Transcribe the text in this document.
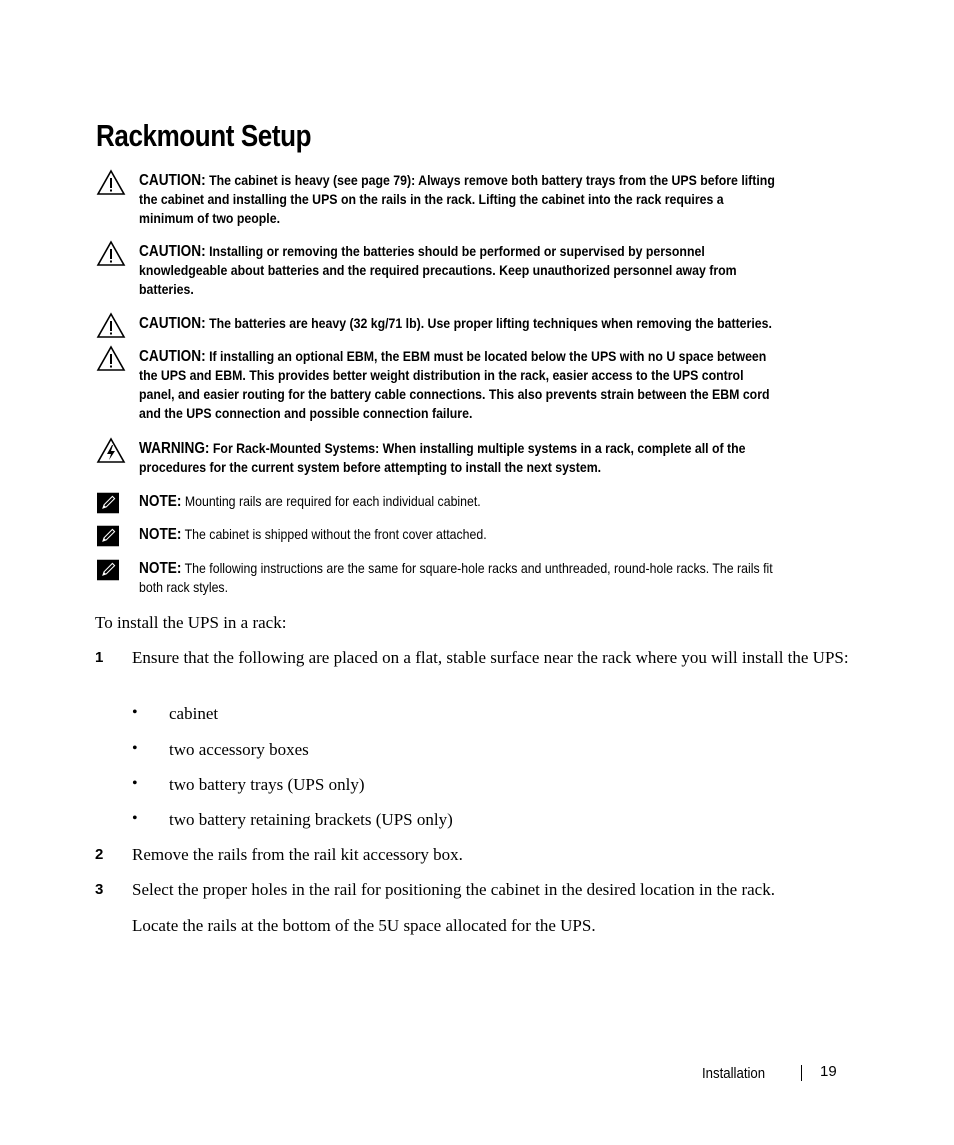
Rackmount Setup
CAUTION: The cabinet is heavy (see page 79): Always remove both battery trays from the UPS before lifting the cabinet and installing the UPS on the rails in the rack. Lifting the cabinet into the rack requires a minimum of two people.
CAUTION: Installing or removing the batteries should be performed or supervised by personnel knowledgeable about batteries and the required precautions. Keep unauthorized personnel away from batteries.
CAUTION: The batteries are heavy (32 kg/71 lb). Use proper lifting techniques when removing the batteries.
CAUTION: If installing an optional EBM, the EBM must be located below the UPS with no U space between the UPS and EBM. This provides better weight distribution in the rack, easier access to the UPS control panel, and easier routing for the battery cable connections. This also prevents strain between the EBM cord and the UPS connection and possible connection failure.
WARNING: For Rack-Mounted Systems: When installing multiple systems in a rack, complete all of the procedures for the current system before attempting to install the next system.
NOTE: Mounting rails are required for each individual cabinet.
NOTE: The cabinet is shipped without the front cover attached.
NOTE: The following instructions are the same for square-hole racks and unthreaded, round-hole racks. The rails fit both rack styles.
To install the UPS in a rack:
1 Ensure that the following are placed on a flat, stable surface near the rack where you will install the UPS:
• cabinet
• two accessory boxes
• two battery trays (UPS only)
• two battery retaining brackets (UPS only)
2 Remove the rails from the rail kit accessory box.
3 Select the proper holes in the rail for positioning the cabinet in the desired location in the rack.
Locate the rails at the bottom of the 5U space allocated for the UPS.
Installation	19
